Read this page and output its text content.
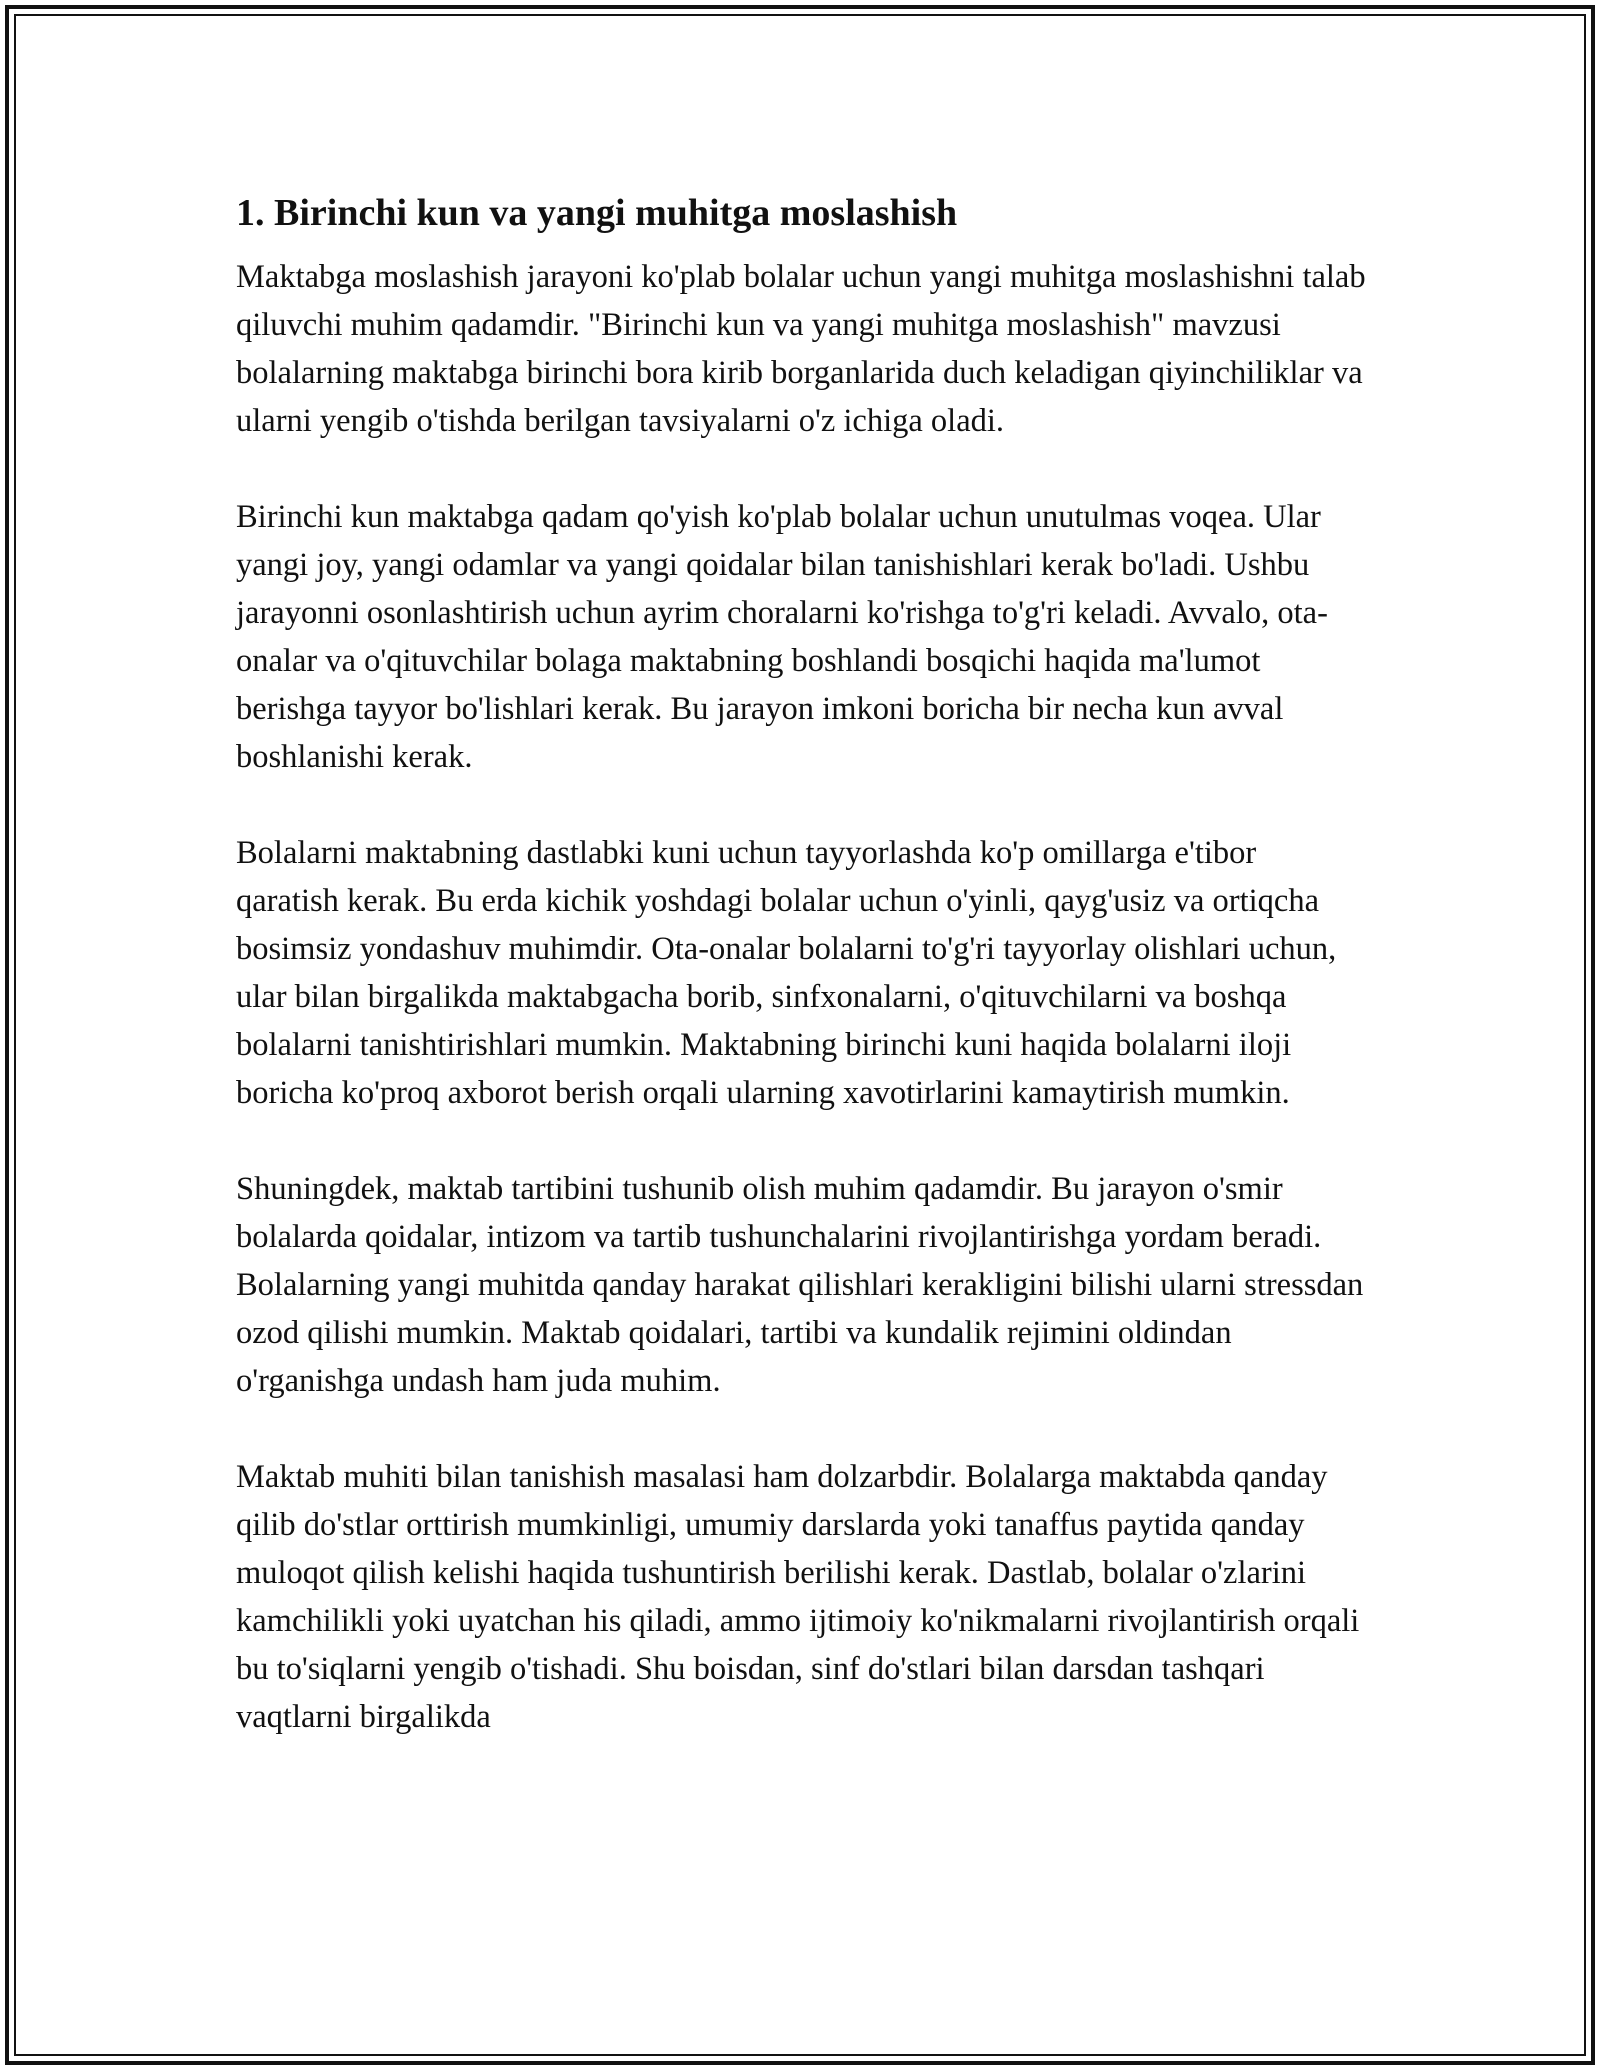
1. Birinchi kun va yangi muhitga moslashish

Maktabga moslashish jarayoni ko'plab bolalar uchun yangi muhitga moslashishni talab qiluvchi muhim qadamdir. "Birinchi kun va yangi muhitga moslashish" mavzusi bolalarning maktabga birinchi bora kirib borganlarida duch keladigan qiyinchiliklar va ularni yengib o'tishda berilgan tavsiyalarni o'z ichiga oladi.

Birinchi kun maktabga qadam qo'yish ko'plab bolalar uchun unutulmas voqea. Ular yangi joy, yangi odamlar va yangi qoidalar bilan tanishishlari kerak bo'ladi. Ushbu jarayonni osonlashtirish uchun ayrim choralarni ko'rishga to'g'ri keladi. Avvalo, ota-onalar va o'qituvchilar bolaga maktabning boshlandi bosqichi haqida ma'lumot berishga tayyor bo'lishlari kerak. Bu jarayon imkoni boricha bir necha kun avval boshlanishi kerak.

Bolalarni maktabning dastlabki kuni uchun tayyorlashda ko'p omillarga e'tibor qaratish kerak. Bu erda kichik yoshdagi bolalar uchun o'yinli, qayg'usiz va ortiqcha bosimsiz yondashuv muhimdir. Ota-onalar bolalarni to'g'ri tayyorlay olishlari uchun, ular bilan birgalikda maktabgacha borib, sinfxonalarni, o'qituvchilarni va boshqa bolalarni tanishtirishlari mumkin. Maktabning birinchi kuni haqida bolalarni iloji boricha ko'proq axborot berish orqali ularning xavotirlarini kamaytirish mumkin.

Shuningdek, maktab tartibini tushunib olish muhim qadamdir. Bu jarayon o'smir bolalarda qoidalar, intizom va tartib tushunchalarini rivojlantirishga yordam beradi. Bolalarning yangi muhitda qanday harakat qilishlari kerakligini bilishi ularni stressdan ozod qilishi mumkin. Maktab qoidalari, tartibi va kundalik rejimini oldindan o'rganishga undash ham juda muhim.

Maktab muhiti bilan tanishish masalasi ham dolzarbdir. Bolalarga maktabda qanday qilib do'stlar orttirish mumkinligi, umumiy darslarda yoki tanaffus paytida qanday muloqot qilish kelishi haqida tushuntirish berilishi kerak. Dastlab, bolalar o'zlarini kamchilikli yoki uyatchan his qiladi, ammo ijtimoiy ko'nikmalarni rivojlantirish orqali bu to'siqlarni yengib o'tishadi. Shu boisdan, sinf do'stlari bilan darsdan tashqari vaqtlarni birgalikda
